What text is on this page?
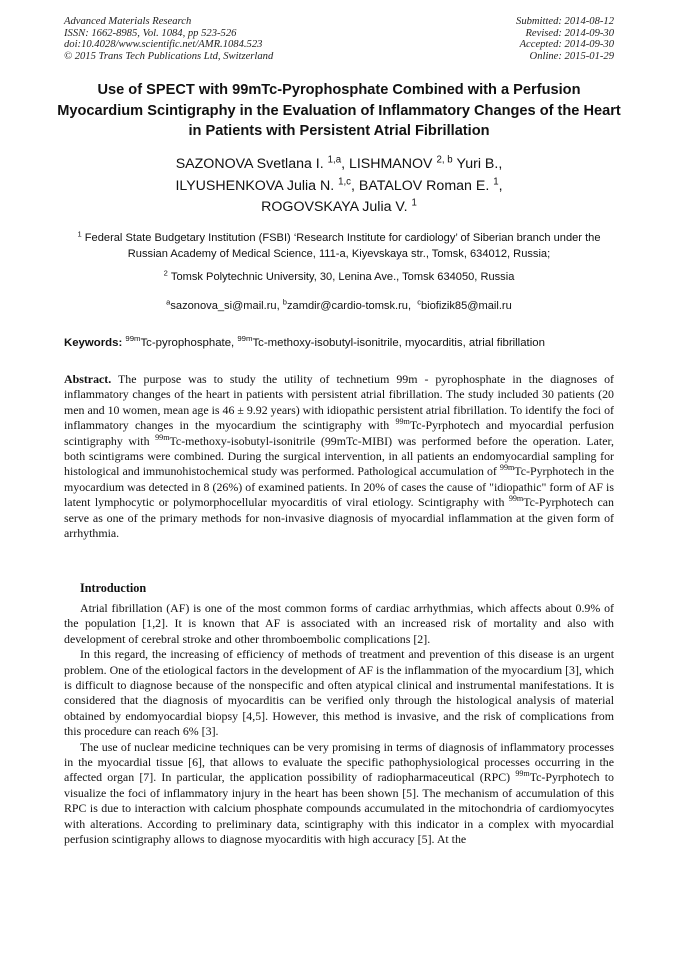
Advanced Materials Research
ISSN: 1662-8985, Vol. 1084, pp 523-526
doi:10.4028/www.scientific.net/AMR.1084.523
© 2015 Trans Tech Publications Ltd, Switzerland
Submitted: 2014-08-12
Revised: 2014-09-30
Accepted: 2014-09-30
Online: 2015-01-29
Use of SPECT with 99mTc-Pyrophosphate Combined with a Perfusion Myocardium Scintigraphy in the Evaluation of Inflammatory Changes of the Heart in Patients with Persistent Atrial Fibrillation
SAZONOVA Svetlana I. $^{1,a}$, LISHMANOV $^{2, b}$ Yuri B.,
ILYUSHENKOVA Julia N. $^{1,c}$, BATALOV Roman E. $^1$,
ROGOVSKAYA Julia V. $^1$
$^1$ Federal State Budgetary Institution (FSBI) ‘Research Institute for cardiology’ of Siberian branch under the Russian Academy of Medical Science, 111-a, Kiyevskaya str., Tomsk, 634012, Russia;
$^2$ Tomsk Polytechnic University, 30, Lenina Ave., Tomsk 634050, Russia
$^a$sazonova_si@mail.ru, $^b$zamdir@cardio-tomsk.ru, $^c$biofizik85@mail.ru
Keywords: $^{99m}$Tc-pyrophosphate, $^{99m}$Tc-methoxy-isobutyl-isonitrile, myocarditis, atrial fibrillation

Abstract. The purpose was to study the utility of technetium 99m - pyrophosphate in the diagnoses of inflammatory changes of the heart in patients with persistent atrial fibrillation. The study included 30 patients (20 men and 10 women, mean age is 46 ± 9.92 years) with idiopathic persistent atrial fibrillation. To identify the foci of inflammatory changes in the myocardium the scintigraphy with $^{99m}$Tc-Pyrphotech and myocardial perfusion scintigraphy with $^{99m}$Tc-methoxy-isobutyl-isonitrile (99mTc-MIBI) was performed before the operation. Later, both scintigrams were combined. During the surgical intervention, in all patients an endomyocardial sampling for histological and immunohistochemical study was performed. Pathological accumulation of $^{99m}$Tc-Pyrphotech in the myocardium was detected in 8 (26%) of examined patients. In 20% of cases the cause of "idiopathic" form of AF is latent lymphocytic or polymorphocellular myocarditis of viral etiology. Scintigraphy with $^{99m}$Tc-Pyrphotech can serve as one of the primary methods for non-invasive diagnosis of myocardial inflammation at the given form of arrhythmia.

Introduction

Atrial fibrillation (AF) is one of the most common forms of cardiac arrhythmias, which affects about 0.9% of the population [1,2]. It is known that AF is associated with an increased risk of mortality and also with development of cerebral stroke and other thromboembolic complications [2].

In this regard, the increasing of efficiency of methods of treatment and prevention of this disease is an urgent problem. One of the etiological factors in the development of AF is the inflammation of the myocardium [3], which is difficult to diagnose because of the nonspecific and often atypical clinical and instrumental manifestations. It is considered that the diagnosis of myocarditis can be verified only through the histological analysis of material obtained by endomyocardial biopsy [4,5]. However, this method is invasive, and the risk of complications from this procedure can reach 6% [3].

The use of nuclear medicine techniques can be very promising in terms of diagnosis of inflammatory processes in the myocardial tissue [6], that allows to evaluate the specific pathophysiological processes occurring in the affected organ [7]. In particular, the application possibility of radiopharmaceutical (RPC) $^{99m}$Tc-Pyrphotech to visualize the foci of inflammatory injury in the heart has been shown [5]. The mechanism of accumulation of this RPC is due to interaction with calcium phosphate compounds accumulated in the mitochondria of cardiomyocytes with alterations. According to preliminary data, scintigraphy with this indicator in a complex with myocardial perfusion scintigraphy allows to diagnose myocarditis with high accuracy [5]. At the
